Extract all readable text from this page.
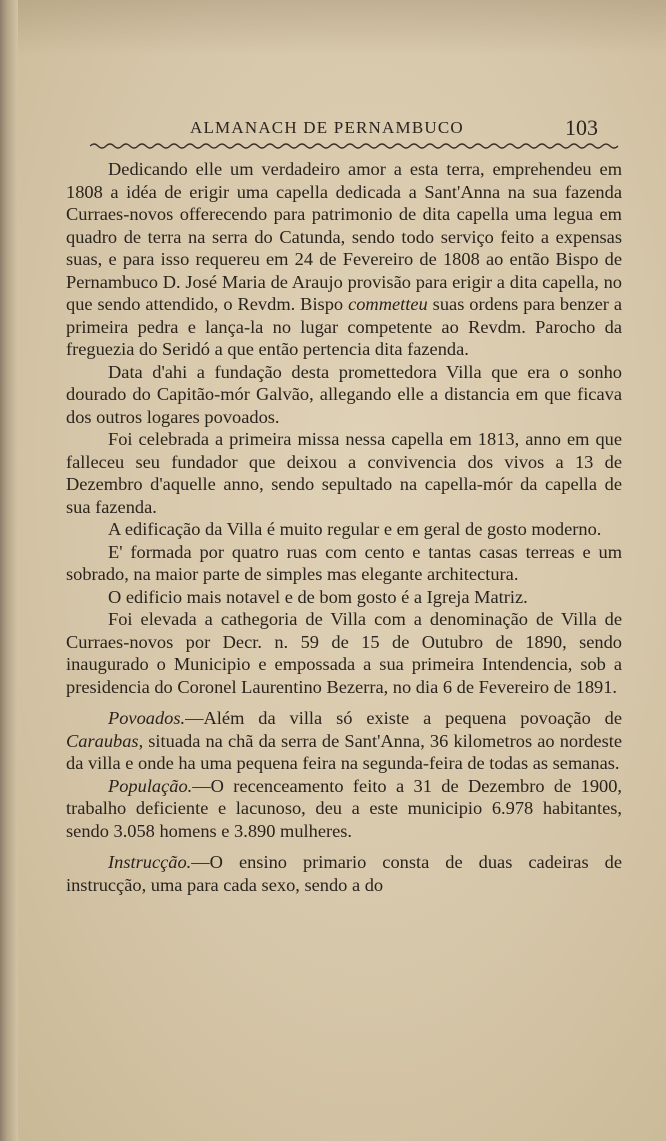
ALMANACH DE PERNAMBUCO	103

Dedicando elle um verdadeiro amor a esta terra, emprehendeu em 1808 a idéa de erigir uma capella dedicada a Sant'Anna na sua fazenda Curraes-novos offerecendo para patrimonio de dita capella uma legua em quadro de terra na serra do Catunda, sendo todo serviço feito a expensas suas, e para isso requereu em 24 de Fevereiro de 1808 ao então Bispo de Pernambuco D. José Maria de Araujo provisão para erigir a dita capella, no que sendo attendido, o Revdm. Bispo commetteu suas ordens para benzer a primeira pedra e lança-la no lugar competente ao Revdm. Parocho da freguezia do Seridó a que então pertencia dita fazenda.

Data d'ahi a fundação desta promettedora Villa que era o sonho dourado do Capitão-mór Galvão, allegando elle a distancia em que ficava dos outros logares povoados.

Foi celebrada a primeira missa nessa capella em 1813, anno em que falleceu seu fundador que deixou a convivencia dos vivos a 13 de Dezembro d'aquelle anno, sendo sepultado na capella-mór da capella de sua fazenda.

A edificação da Villa é muito regular e em geral de gosto moderno.

E' formada por quatro ruas com cento e tantas casas terreas e um sobrado, na maior parte de simples mas elegante architectura.

O edificio mais notavel e de bom gosto é a Igreja Matriz.

Foi elevada a cathegoria de Villa com a denominação de Villa de Curraes-novos por Decr. n. 59 de 15 de Outubro de 1890, sendo inaugurado o Municipio e empossada a sua primeira Intendencia, sob a presidencia do Coronel Laurentino Bezerra, no dia 6 de Fevereiro de 1891.

Povoados.—Além da villa só existe a pequena povoação de Caraubas, situada na chã da serra de Sant'Anna, 36 kilometros ao nordeste da villa e onde ha uma pequena feira na segunda-feira de todas as semanas.

População.—O recenceamento feito a 31 de Dezembro de 1900, trabalho deficiente e lacunoso, deu a este municipio 6.978 habitantes, sendo 3.058 homens e 3.890 mulheres.

Instrucção.—O ensino primario consta de duas cadeiras de instrucção, uma para cada sexo, sendo a do
